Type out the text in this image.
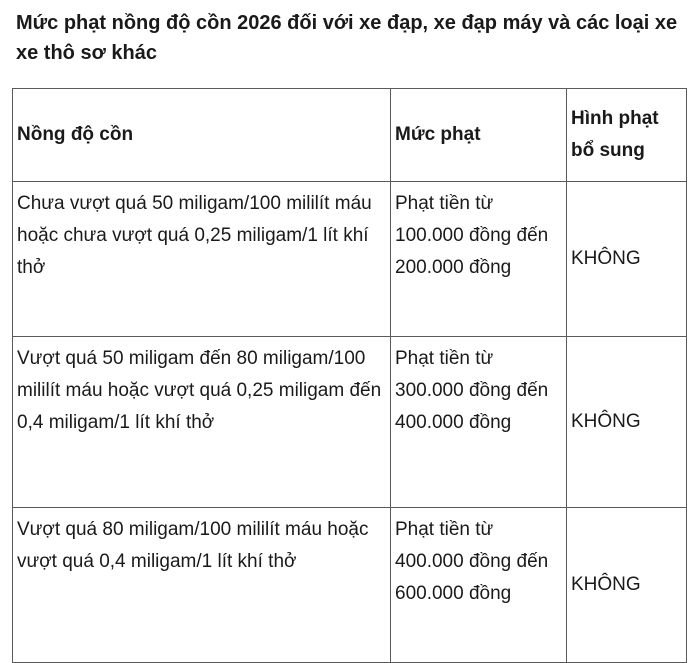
Mức phạt nồng độ cồn 2026 đối với xe đạp, xe đạp máy và các loại xe xe thô sơ khác
Nồng độ cồn	Mức phạt	Hình phạt bổ sung
Chưa vượt quá 50 miligam/100 mililít máu hoặc chưa vượt quá 0,25 miligam/1 lít khí thở	Phạt tiền từ 100.000 đồng đến 200.000 đồng	KHÔNG
Vượt quá 50 miligam đến 80 miligam/100 mililít máu hoặc vượt quá 0,25 miligam đến 0,4 miligam/1 lít khí thở	Phạt tiền từ 300.000 đồng đến 400.000 đồng	KHÔNG
Vượt quá 80 miligam/100 mililít máu hoặc vượt quá 0,4 miligam/1 lít khí thở	Phạt tiền từ 400.000 đồng đến 600.000 đồng	KHÔNG
